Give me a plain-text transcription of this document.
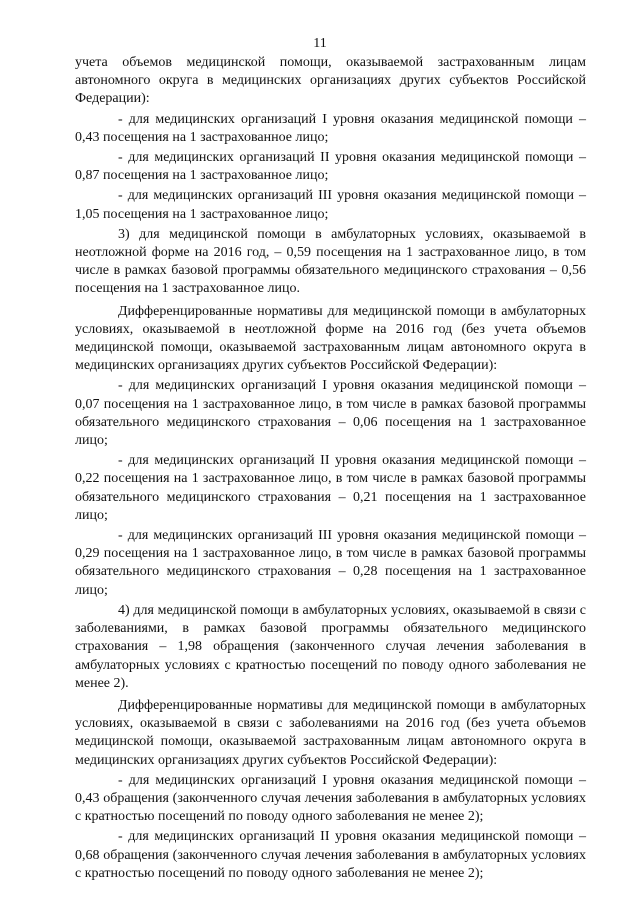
11

учета объемов медицинской помощи, оказываемой застрахованным лицам автономного округа в медицинских организациях других субъектов Российской Федерации):

- для медицинских организаций I уровня оказания медицинской помощи – 0,43 посещения на 1 застрахованное лицо;

- для медицинских организаций II уровня оказания медицинской помощи – 0,87 посещения на 1 застрахованное лицо;

- для медицинских организаций III уровня оказания медицинской помощи – 1,05 посещения на 1 застрахованное лицо;

3) для медицинской помощи в амбулаторных условиях, оказываемой в неотложной форме на 2016 год, – 0,59 посещения на 1 застрахованное лицо, в том числе в рамках базовой программы обязательного медицинского страхования – 0,56 посещения на 1 застрахованное лицо.

Дифференцированные нормативы для медицинской помощи в амбулаторных условиях, оказываемой в неотложной форме на 2016 год (без учета объемов медицинской помощи, оказываемой застрахованным лицам автономного округа в медицинских организациях других субъектов Российской Федерации):

- для медицинских организаций I уровня оказания медицинской помощи – 0,07 посещения на 1 застрахованное лицо, в том числе в рамках базовой программы обязательного медицинского страхования – 0,06 посещения на 1 застрахованное лицо;

- для медицинских организаций II уровня оказания медицинской помощи – 0,22 посещения на 1 застрахованное лицо, в том числе в рамках базовой программы обязательного медицинского страхования – 0,21 посещения на 1 застрахованное лицо;

- для медицинских организаций III уровня оказания медицинской помощи – 0,29 посещения на 1 застрахованное лицо, в том числе в рамках базовой программы обязательного медицинского страхования – 0,28 посещения на 1 застрахованное лицо;

4) для медицинской помощи в амбулаторных условиях, оказываемой в связи с заболеваниями, в рамках базовой программы обязательного медицинского страхования – 1,98 обращения (законченного случая лечения заболевания в амбулаторных условиях с кратностью посещений по поводу одного заболевания не менее 2).

Дифференцированные нормативы для медицинской помощи в амбулаторных условиях, оказываемой в связи с заболеваниями на 2016 год (без учета объемов медицинской помощи, оказываемой застрахованным лицам автономного округа в медицинских организациях других субъектов Российской Федерации):

- для медицинских организаций I уровня оказания медицинской помощи – 0,43 обращения (законченного случая лечения заболевания в амбулаторных условиях с кратностью посещений по поводу одного заболевания не менее 2);

- для медицинских организаций II уровня оказания медицинской помощи – 0,68 обращения (законченного случая лечения заболевания в амбулаторных условиях с кратностью посещений по поводу одного заболевания не менее 2);
